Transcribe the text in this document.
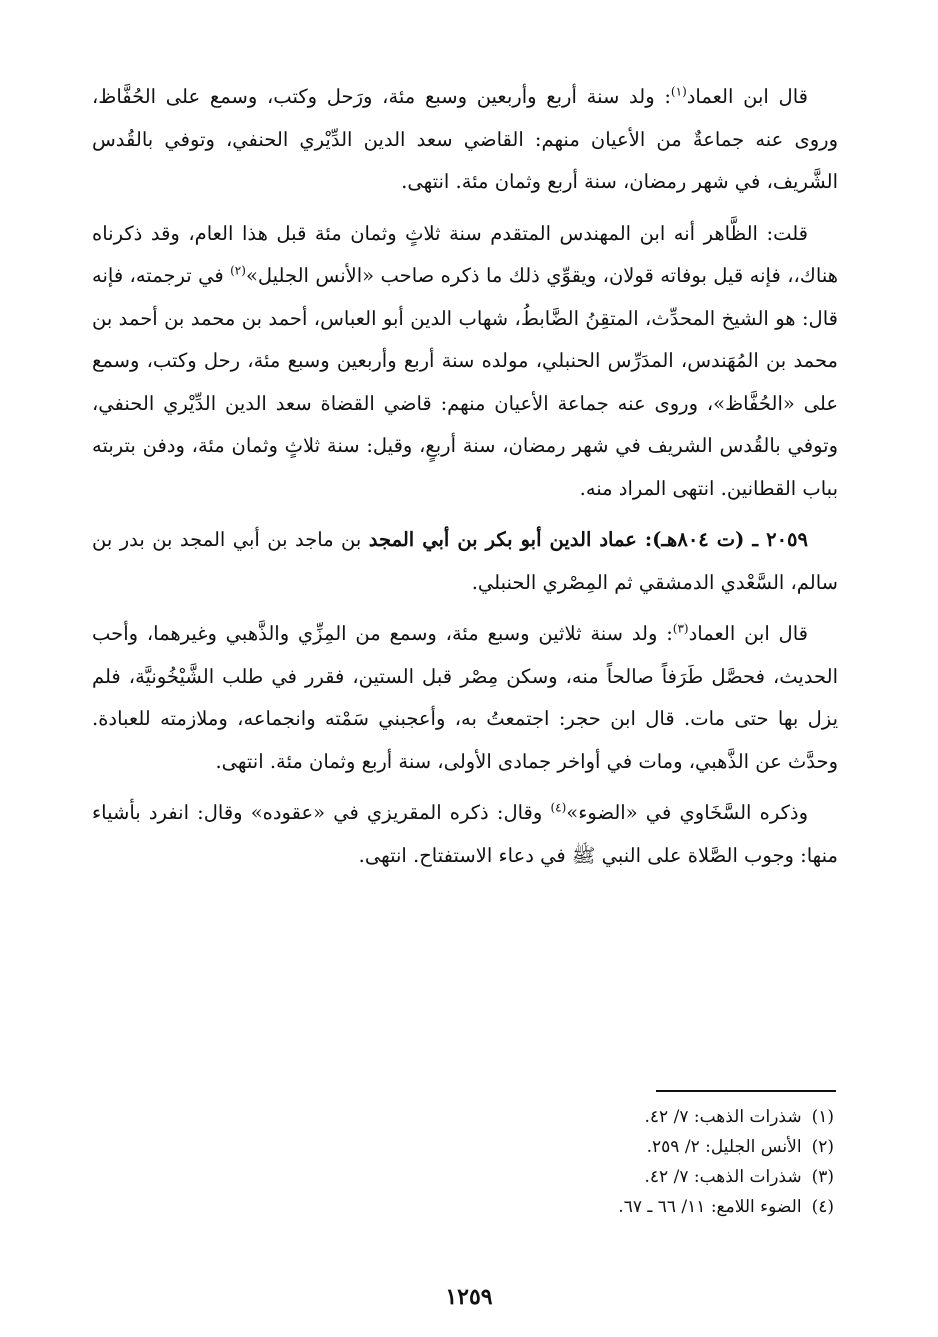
قال ابن العماد$^{(١)}$: ولد سنة أربع وأربعين وسبع مئة، ورَحل وكتب، وسمع على الحُفَّاظ، وروى عنه جماعةٌ من الأعيان منهم: القاضي سعد الدين الدِّيْري الحنفي، وتوفي بالقُدس الشَّريف، في شهر رمضان، سنة أربع وثمان مئة. انتهى.

قلت: الظَّاهر أنه ابن المهندس المتقدم سنة ثلاثٍ وثمان مئة قبل هذا العام، وقد ذكرناه هناك،، فإنه قيل بوفاته قولان، ويقوِّي ذلك ما ذكره صاحب «الأنس الجليل»$^{(٢)}$ في ترجمته، فإنه قال: هو الشيخ المحدِّث، المتقِنُ الضَّابطُ، شهاب الدين أبو العباس، أحمد بن محمد بن أحمد بن محمد بن المُهَندس، المدَرِّس الحنبلي، مولده سنة أربع وأربعين وسبع مئة، رحل وكتب، وسمع على «الحُفَّاظ»، وروى عنه جماعة الأعيان منهم: قاضي القضاة سعد الدين الدِّيْري الحنفي، وتوفي بالقُدس الشريف في شهر رمضان، سنة أربعٍ، وقيل: سنة ثلاثٍ وثمان مئة، ودفن بتربته بباب القطانين. انتهى المراد منه.

٢٠٥٩ ـ (ت ٨٠٤هـ): عماد الدين أبو بكر بن أبي المجد بن ماجد بن أبي المجد بن بدر بن سالم، السَّعْدي الدمشقي ثم المِصْري الحنبلي.

قال ابن العماد$^{(٣)}$: ولد سنة ثلاثين وسبع مئة، وسمع من المِزِّي والذَّهبي وغيرهما، وأحب الحديث، فحصَّل طَرَفاً صالحاً منه، وسكن مِصْر قبل الستين، فقرر في طلب الشَّيْخُونيَّة، فلم يزل بها حتى مات. قال ابن حجر: اجتمعتُ به، وأعجبني سَمْته وانجماعه، وملازمته للعبادة. وحدَّث عن الذَّهبي، ومات في أواخر جمادى الأولى، سنة أربع وثمان مئة. انتهى.

وذكره السَّخَاوي في «الضوء»$^{(٤)}$ وقال: ذكره المقريزي في «عقوده» وقال: انفرد بأشياء منها: وجوب الصَّلاة على النبي ﷺ في دعاء الاستفتاح. انتهى.

(١)شذرات الذهب: ٧/ ٤٢.
(٢)الأنس الجليل: ٢/ ٢٥٩.
(٣)شذرات الذهب: ٧/ ٤٢.
(٤)الضوء اللامع: ١١/ ٦٦ ـ ٦٧.
١٢٥٩
